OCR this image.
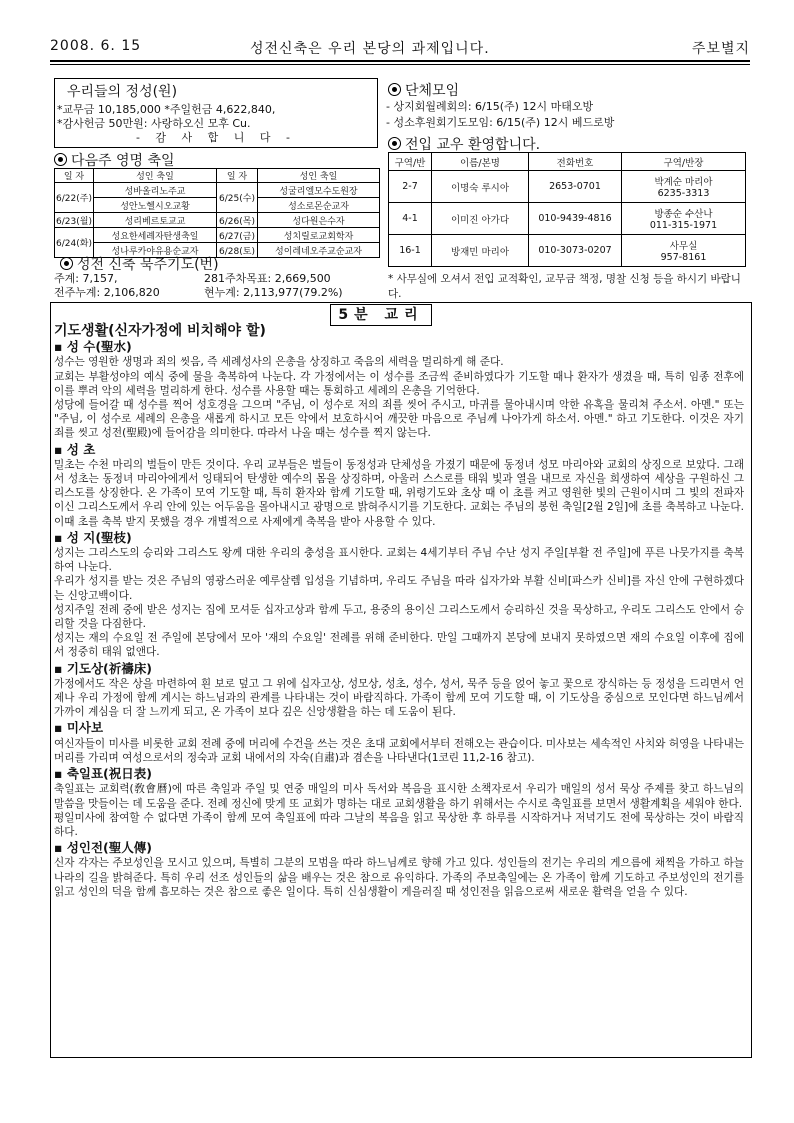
2008. 6. 15	성전신축은 우리 본당의 과제입니다.	주보별지
우리들의 정성(원)
*교무금 10,185,000 *주일헌금 4,622,840,
*감사헌금 50만원: 사랑하오신 모후 Cu.
- 감 사 합 니 다 -
다음주 영명 축일
일 자	성인 축일	일 자	성인 축일
6/22(주)	성바올리노주교	6/25(수)	성굴리엘모수도원장
	성안노헬시오교황		성소로몬순교자
6/23(월)	성리베르토교교	6/26(목)	성다원은수자
6/24(화)	성요한세례자탄생축일	6/27(금)	성치릴로교회학자
	성나루카야유용순교자	6/28(토)	성이레네오주교순교자
성전 신축 묵주기도(번)
주계: 7,157,	281주차목표: 2,669,500
전주누계: 2,106,820	현누계: 2,113,977(79.2%)
단체모임
- 상지회월례회의: 6/15(주) 12시 마태오방
- 성소후원회기도모임: 6/15(주) 12시 베드로방
전입 교우 환영합니다.
구역/반	이름/본명	전화번호	구역/반장
2-7	이명숙 루시아	2653-0701	박계순 마리아
6235-3313

4-1	이미진 아가다	010-9439-4816	방종순 수산나
011-315-1971

16-1	방재민 마리아	010-3073-0207	사무실
957-8161
* 사무실에 오셔서 전입 교적확인, 교무금 책정, 명찰 신청 등을 하시기 바랍니다.
5분 교리
기도생활(신자가정에 비치해야 할)
▪ 성 수(聖水)

성수는 영원한 생명과 죄의 씻음, 즉 세례성사의 은총을 상징하고 죽음의 세력을 멀리하게 해 준다.

교회는 부활성야의 예식 중에 물을 축복하여 나눈다. 각 가정에서는 이 성수를 조금씩 준비하였다가 기도할 때나 환자가 생겼을 때, 특히 임종 전후에 이를 뿌려 악의 세력을 멀리하게 한다. 성수를 사용할 때는 통회하고 세례의 은총을 기억한다.

성당에 들어갈 때 성수를 찍어 성호경을 그으며 "주님, 이 성수로 저의 죄를 씻어 주시고, 마귀를 물아내시며 악한 유혹을 물리쳐 주소서. 아멘." 또는 "주님, 이 성수로 세례의 은총을 새롭게 하시고 모든 악에서 보호하시어 깨끗한 마음으로 주님께 나아가게 하소서. 아멘." 하고 기도한다. 이것은 자기 죄를 씻고 성전(聖殿)에 들어감을 의미한다. 따라서 나올 때는 성수를 찍지 않는다.

▪ 성 초

밀초는 수천 마리의 벌들이 만든 것이다. 우리 교부들은 벌들이 동정성과 단체성을 가졌기 때문에 동정녀 성모 마리아와 교회의 상징으로 보았다. 그래서 성초는 동정녀 마리아에게서 잉태되어 탄생한 예수의 몸을 상징하며, 아울러 스스로를 태워 빛과 열을 내므로 자신을 희생하여 세상을 구원하신 그리스도를 상징한다. 온 가족이 모여 기도할 때, 특히 환자와 함께 기도할 때, 위령기도와 초상 때 이 초를 켜고 영원한 빛의 근원이시며 그 빛의 전파자이신 그리스도께서 우리 안에 있는 어두움을 몰아내시고 광명으로 밝혀주시기를 기도한다. 교회는 주님의 봉헌 축일[2월 2일]에 초를 축복하고 나눈다. 이때 초를 축복 받지 못했을 경우 개별적으로 사제에게 축복을 받아 사용할 수 있다.

▪ 성 지(聖枝)

성지는 그리스도의 승리와 그리스도 왕께 대한 우리의 충성을 표시한다. 교회는 4세기부터 주님 수난 성지 주일[부활 전 주일]에 푸른 나뭇가지를 축복하여 나눈다.

우리가 성지를 받는 것은 주님의 영광스러운 예루살렘 입성을 기념하며, 우리도 주님을 따라 십자가와 부활 신비[파스카 신비]를 자신 안에 구현하겠다는 신앙고백이다.

성지주일 전례 중에 받은 성지는 집에 모셔둔 십자고상과 함께 두고, 용중의 용이신 그리스도께서 승리하신 것을 묵상하고, 우리도 그리스도 안에서 승리할 것을 다짐한다.

성지는 재의 수요일 전 주일에 본당에서 모아 '재의 수요일' 전례를 위해 준비한다. 만일 그때까지 본당에 보내지 못하였으면 재의 수요일 이후에 집에서 정중히 태워 없앤다.

▪ 기도상(祈禱床)

가정에서도 작은 상을 마련하여 흰 보로 덮고 그 위에 십자고상, 성모상, 성초, 성수, 성서, 묵주 등을 얹어 놓고 꽃으로 장식하는 등 정성을 드리면서 언제나 우리 가정에 함께 계시는 하느님과의 관계를 나타내는 것이 바람직하다. 가족이 함께 모여 기도할 때, 이 기도상을 중심으로 모인다면 하느님께서 가까이 계심을 더 잘 느끼게 되고, 온 가족이 보다 깊은 신앙생활을 하는 데 도움이 된다.

▪ 미사보

여신자들이 미사를 비롯한 교회 전례 중에 머리에 수건을 쓰는 것은 초대 교회에서부터 전해오는 관습이다. 미사보는 세속적인 사치와 허영을 나타내는 머리를 가리며 여성으로서의 정숙과 교회 내에서의 자숙(自肅)과 겸손을 나타낸다(1코린 11,2-16 참고).

▪ 축일표(祝日表)

축일표는 교회력(敎會曆)에 따른 축일과 주일 및 연중 매일의 미사 독서와 복음을 표시한 소책자로서 우리가 매일의 성서 묵상 주제를 찾고 하느님의 말씀을 맛들이는 데 도움을 준다. 전례 정신에 맞게 또 교회가 명하는 대로 교회생활을 하기 위해서는 수시로 축일표를 보면서 생활계획을 세워야 한다.

평일미사에 참여할 수 없다면 가족이 함께 모여 축일표에 따라 그날의 복음을 읽고 묵상한 후 하루를 시작하거나 저녁기도 전에 묵상하는 것이 바람직하다.

▪ 성인전(聖人傳)

신자 각자는 주보성인을 모시고 있으며, 특별히 그분의 모범을 따라 하느님께로 향해 가고 있다. 성인들의 전기는 우리의 게으름에 채찍을 가하고 하늘나라의 길을 밝혀준다. 특히 우리 선조 성인들의 삶을 배우는 것은 참으로 유익하다. 가족의 주보축일에는 온 가족이 함께 기도하고 주보성인의 전기를 읽고 성인의 덕을 함께 흠모하는 것은 참으로 좋은 일이다. 특히 신심생활이 게을러질 때 성인전을 읽음으로써 새로운 활력을 얻을 수 있다.
